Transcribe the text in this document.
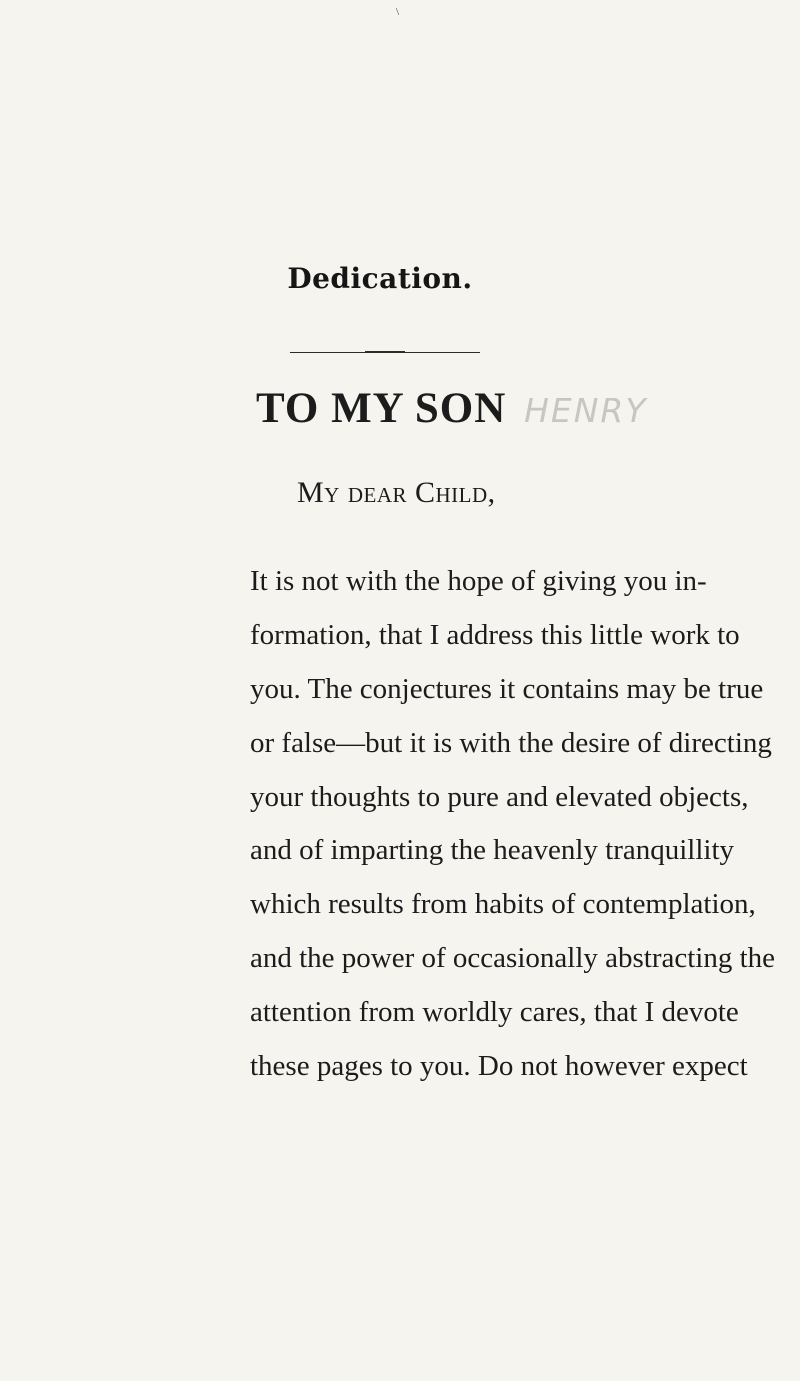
\
Dedication.
TO MY SON HENRY
My dear Child,
It is not with the hope of giving you in-
formation, that I address this little work to
you. The conjectures it contains may be true
or false—but it is with the desire of directing
your thoughts to pure and elevated objects,
and of imparting the heavenly tranquillity
which results from habits of contemplation,
and the power of occasionally abstracting the
attention from worldly cares, that I devote
these pages to you. Do not however expect
